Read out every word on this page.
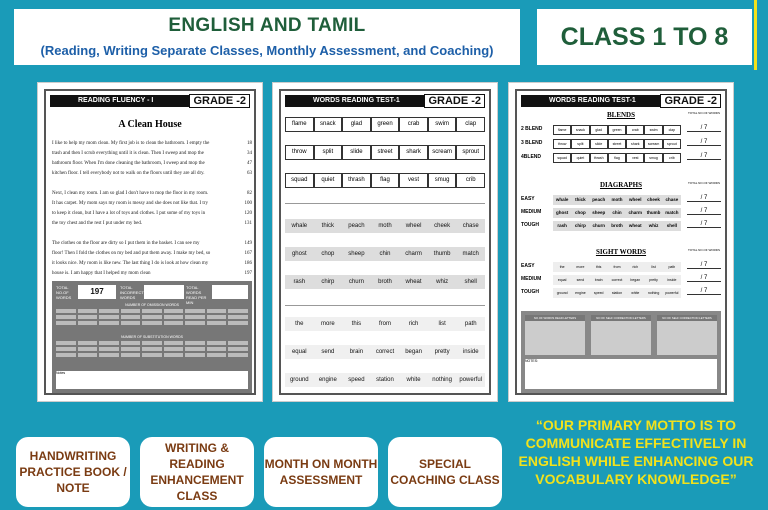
ENGLISH AND TAMIL
(Reading, Writing Separate Classes, Monthly Assessment, and Coaching)	CLASS 1 TO 8
READING FLUENCY - I	GRADE -2
A Clean House
I like to help my mom clean. My first job is to clean the bathroom. I empty the	18
trash and then I scrub everything until it is clean. Then I sweep and mop the	34
bathroom floor. When I'm done cleaning the bathroom, I sweep and mop the	47
kitchen floor. I tell everybody not to walk on the floors until they are all dry.	63
Next, I clean my room. I am so glad I don't have to mop the floor in my room.	82
It has carpet. My mom says my room is messy and she does not like that. I try	100
to keep it clean, but I have a lot of toys and clothes. I put some of my toys in	120
the toy chest and the rest I put under my bed.	131
The clothes on the floor are dirty so I put them in the basket. I can see my	149
floor! Then I fold the clothes on my bed and put them away. I make my bed, so	167
it looks nice. My room is like new. The last thing I do is look at how clean my	186
house is. I am happy that I helped my mom clean	197
TOTAL NO.OF WORDS
197	TOTAL INCORRECT WORDS
TOTAL WORDS READ PER MIN
NUMBER OF OMISSION WORDS
NUMBER OF SUBSTITUTION WORDS
Notes
WORDS READING TEST-1	GRADE -2
flame	snack	glad	green	crab	swim	clap
throw	split	slide	street	shark	scream	sprout
squad	quiet	thrash	flag	vest	smug	crib
whale	thick	peach	moth	wheel	cheek	chase
ghost	chop	sheep	chin	charm	thumb	match
rash	chirp	churn	broth	wheat	whiz	shell
the	more	this	from	rich	list	path
equal	send	brain	correct	began	pretty	inside
ground	engine	speed	station	white	nothing	powerful
WORDS READING TEST-1	GRADE -2
BLENDS	TOTAL NO.OF WORDS
2 BLEND	flame	snack	glad	green	crab	swim	clap	/ 7
3 BLEND	throw	split	slide	street	shark	scream	sprout	/ 7
4BLEND	squad	quiet	thrash	flag	vest	smug	crib	/ 7
DIAGRAPHS	TOTAL NO.OF WORDS
EASY	whale	thick	peach	moth	wheel	cheek	chase	/ 7
MEDIUM	ghost	chop	sheep	chin	charm	thumb	match	/ 7
TOUGH	rash	chirp	churn	broth	wheat	whiz	shell	/ 7
SIGHT WORDS	TOTAL NO.OF WORDS
EASY	the	more	this	from	rich	list	path	/ 7
MEDIUM	equal	send	brain	correct	began	pretty	inside	/ 7
TOUGH	ground	engine	speed	station	white	nothing	powerful	/ 7
NO.OF WORDS READ LETTERS	NO OF SELF CORRECTION LETTERS	NO OF SELF CORRECTION LETTERS
NOTES:
HANDWRITING PRACTICE BOOK / NOTE
WRITING & READING ENHANCEMENT CLASS
MONTH ON MONTH ASSESSMENT
SPECIAL COACHING CLASS
“OUR PRIMARY MOTTO IS TO COMMUNICATE EFFECTIVELY IN ENGLISH WHILE ENHANCING OUR VOCABULARY KNOWLEDGE”
